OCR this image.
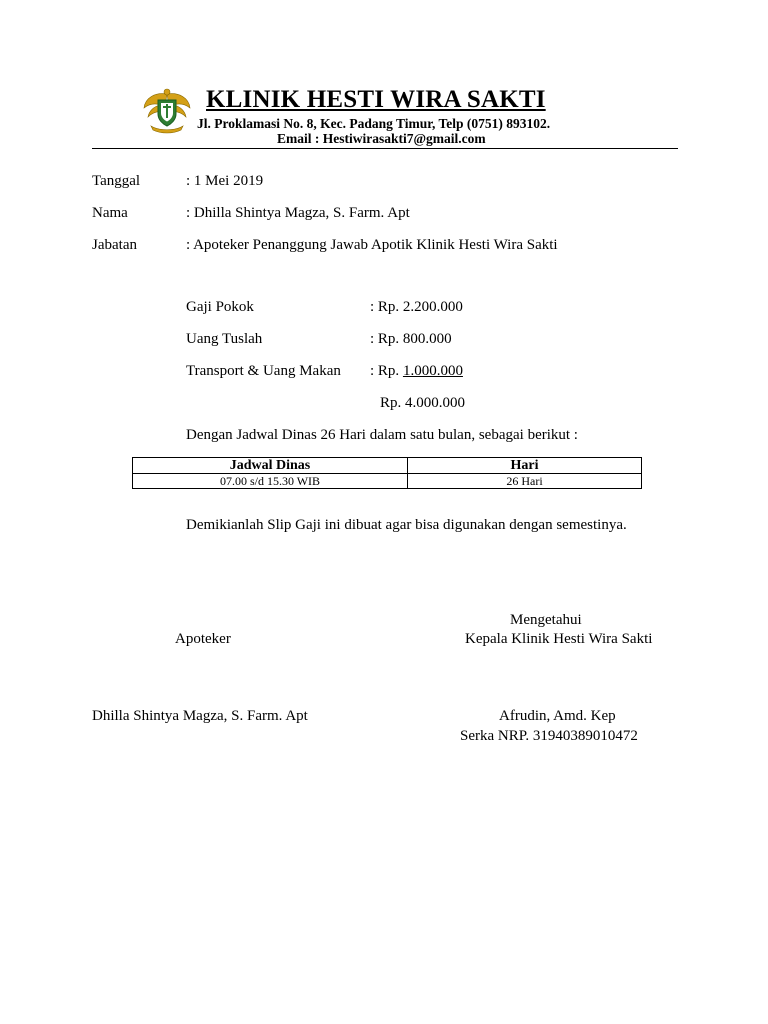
KLINIK HESTI WIRA SAKTI
Jl. Proklamasi No. 8, Kec. Padang Timur, Telp (0751) 893102.
Email : Hestiwirasakti7@gmail.com
Tanggal	: 1 Mei 2019
Nama	: Dhilla Shintya Magza, S. Farm. Apt
Jabatan	: Apoteker Penanggung Jawab Apotik Klinik Hesti Wira Sakti
Gaji Pokok	: Rp. 2.200.000
Uang Tuslah	: Rp. 800.000
Transport & Uang Makan : Rp. 1.000.000
Rp. 4.000.000
Dengan Jadwal Dinas 26 Hari dalam satu bulan, sebagai berikut :
Jadwal Dinas	Hari
07.00 s/d 15.30 WIB	26 Hari
Demikianlah Slip Gaji ini dibuat agar bisa digunakan dengan semestinya.
Mengetahui
Apoteker	Kepala Klinik Hesti Wira Sakti
Dhilla Shintya Magza, S. Farm. Apt	Afrudin, Amd. Kep
Serka NRP. 31940389010472
